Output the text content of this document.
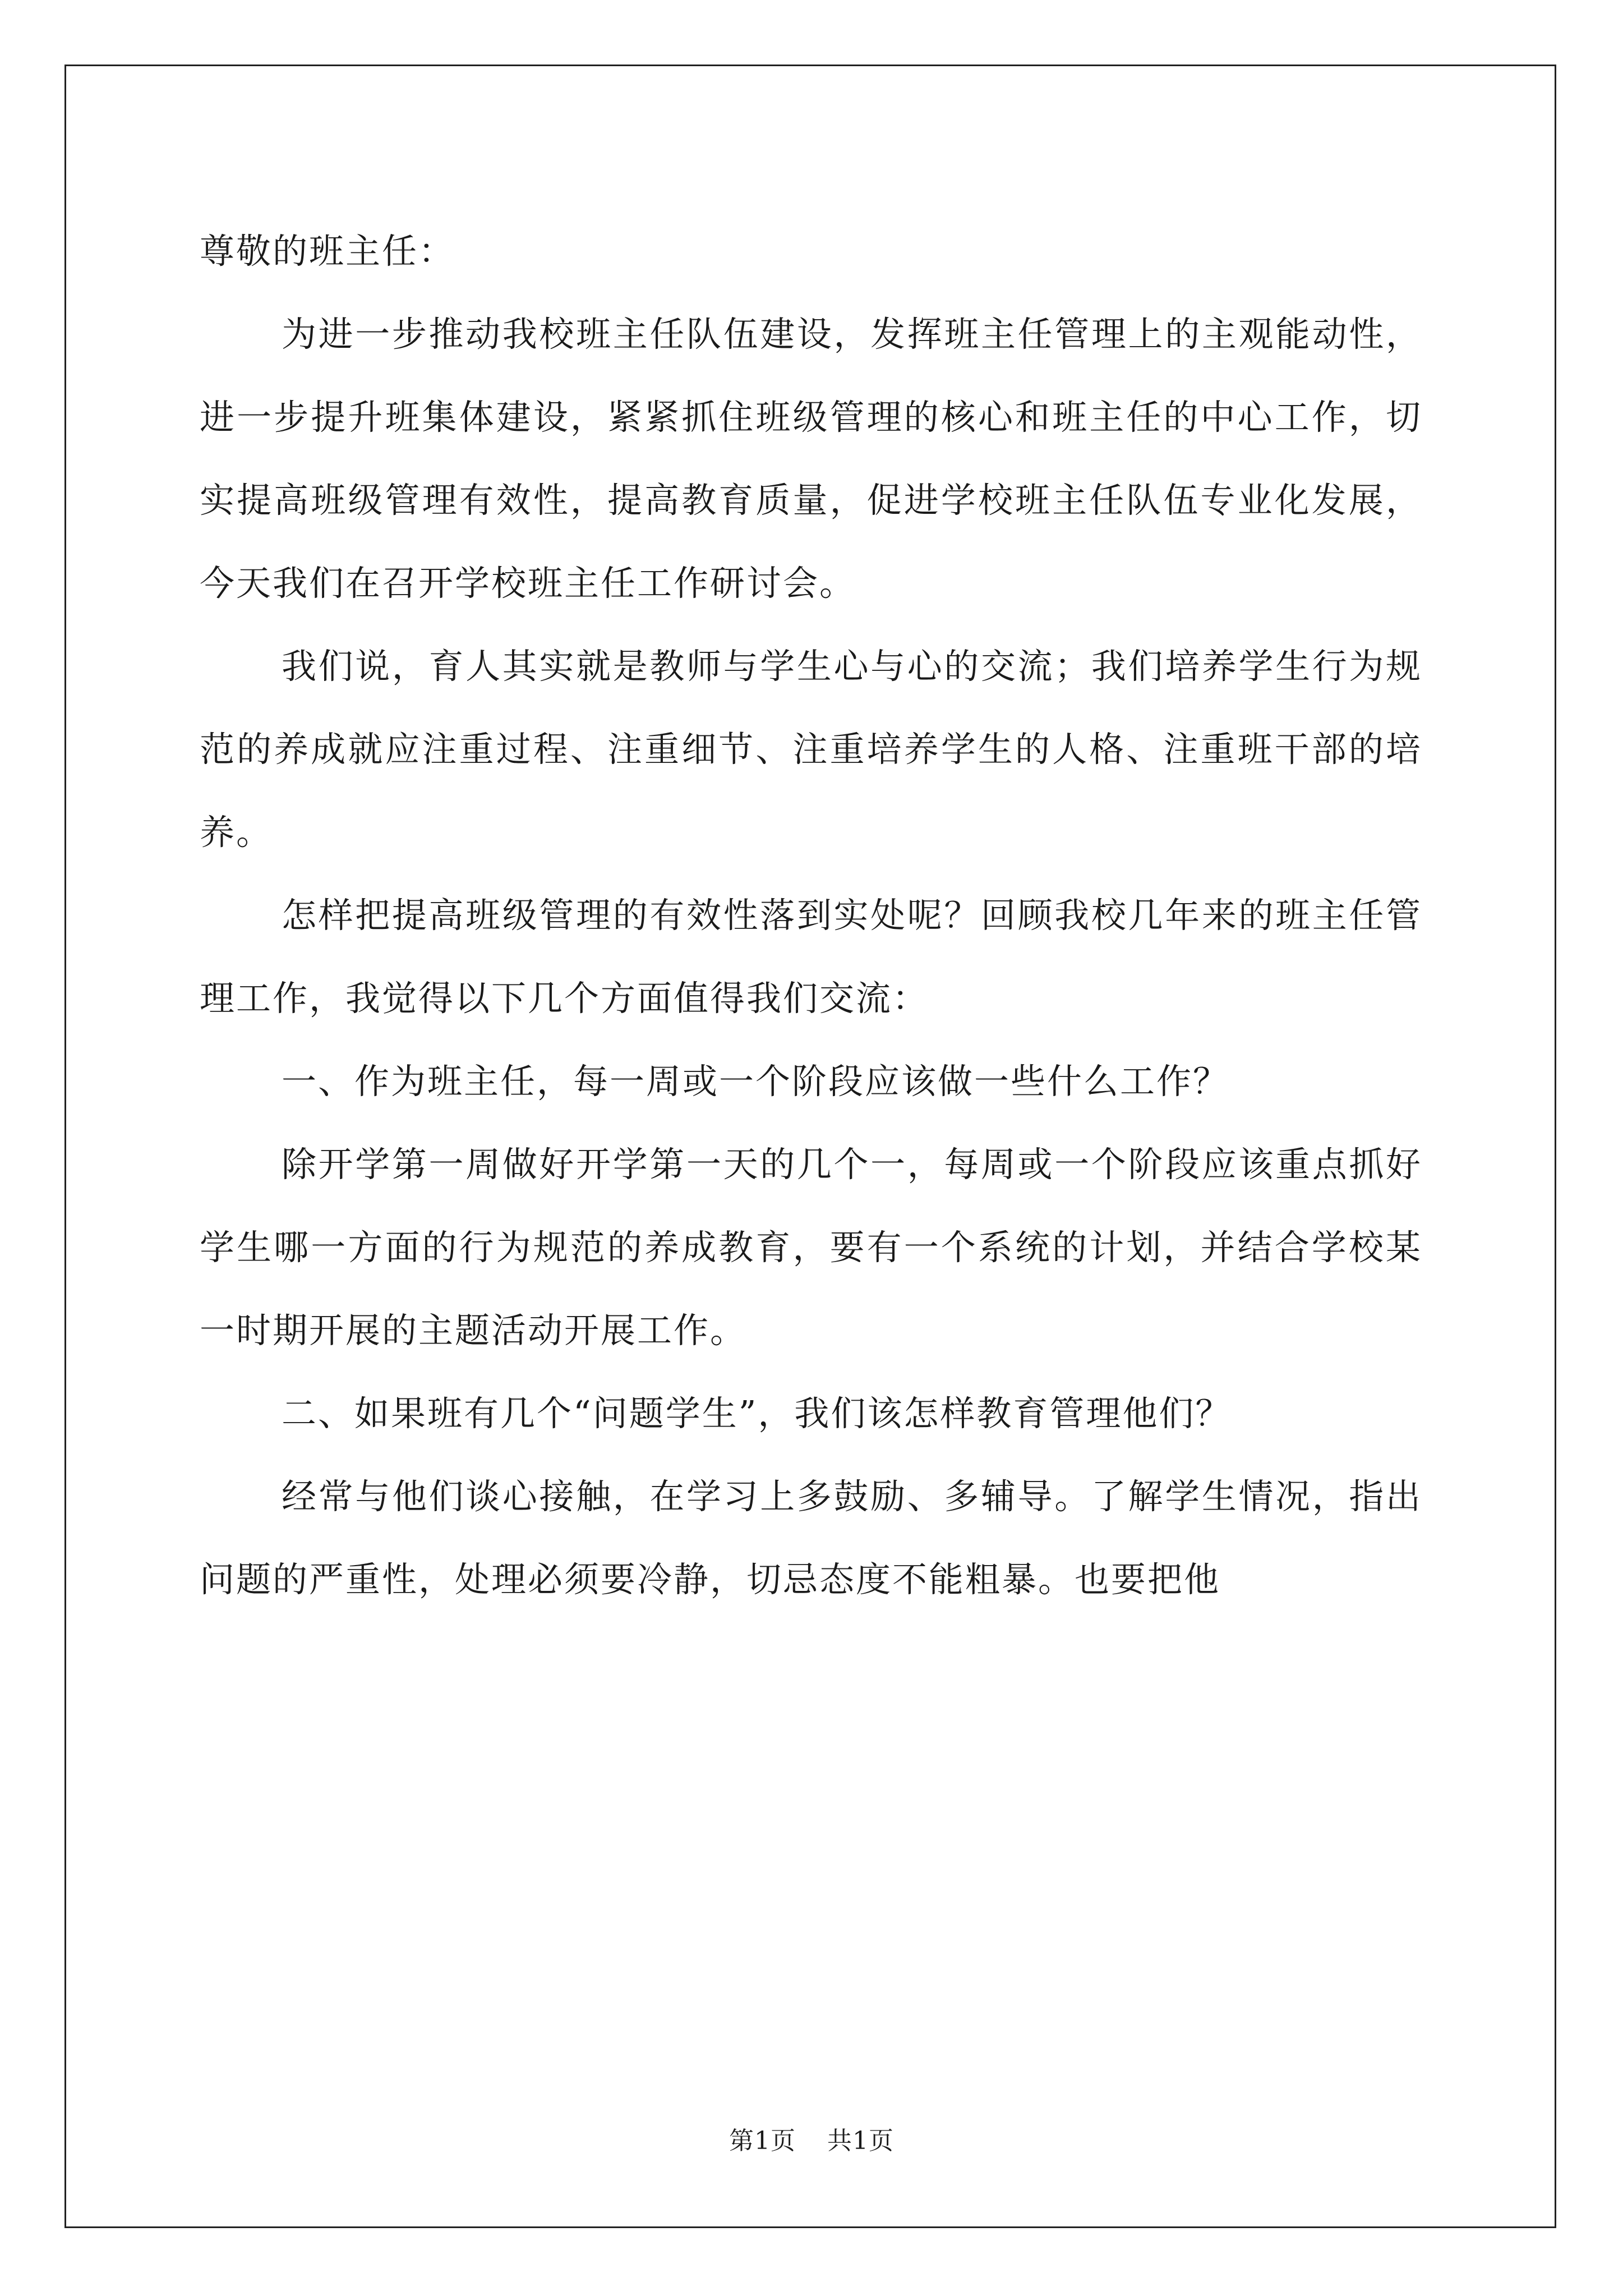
尊敬的班主任：

为进一步推动我校班主任队伍建设，发挥班主任管理上的主观能动性，进一步提升班集体建设，紧紧抓住班级管理的核心和班主任的中心工作，切实提高班级管理有效性，提高教育质量，促进学校班主任队伍专业化发展，今天我们在召开学校班主任工作研讨会。

我们说，育人其实就是教师与学生心与心的交流；我们培养学生行为规范的养成就应注重过程、注重细节、注重培养学生的人格、注重班干部的培养。

怎样把提高班级管理的有效性落到实处呢？回顾我校几年来的班主任管理工作，我觉得以下几个方面值得我们交流：

一、作为班主任，每一周或一个阶段应该做一些什么工作？

除开学第一周做好开学第一天的几个一，每周或一个阶段应该重点抓好学生哪一方面的行为规范的养成教育，要有一个系统的计划，并结合学校某一时期开展的主题活动开展工作。

二、如果班有几个“问题学生”，我们该怎样教育管理他们？

经常与他们谈心接触，在学习上多鼓励、多辅导。了解学生情况，指出问题的严重性，处理必须要冷静，切忌态度不能粗暴。也要把他

第1页 共1页
